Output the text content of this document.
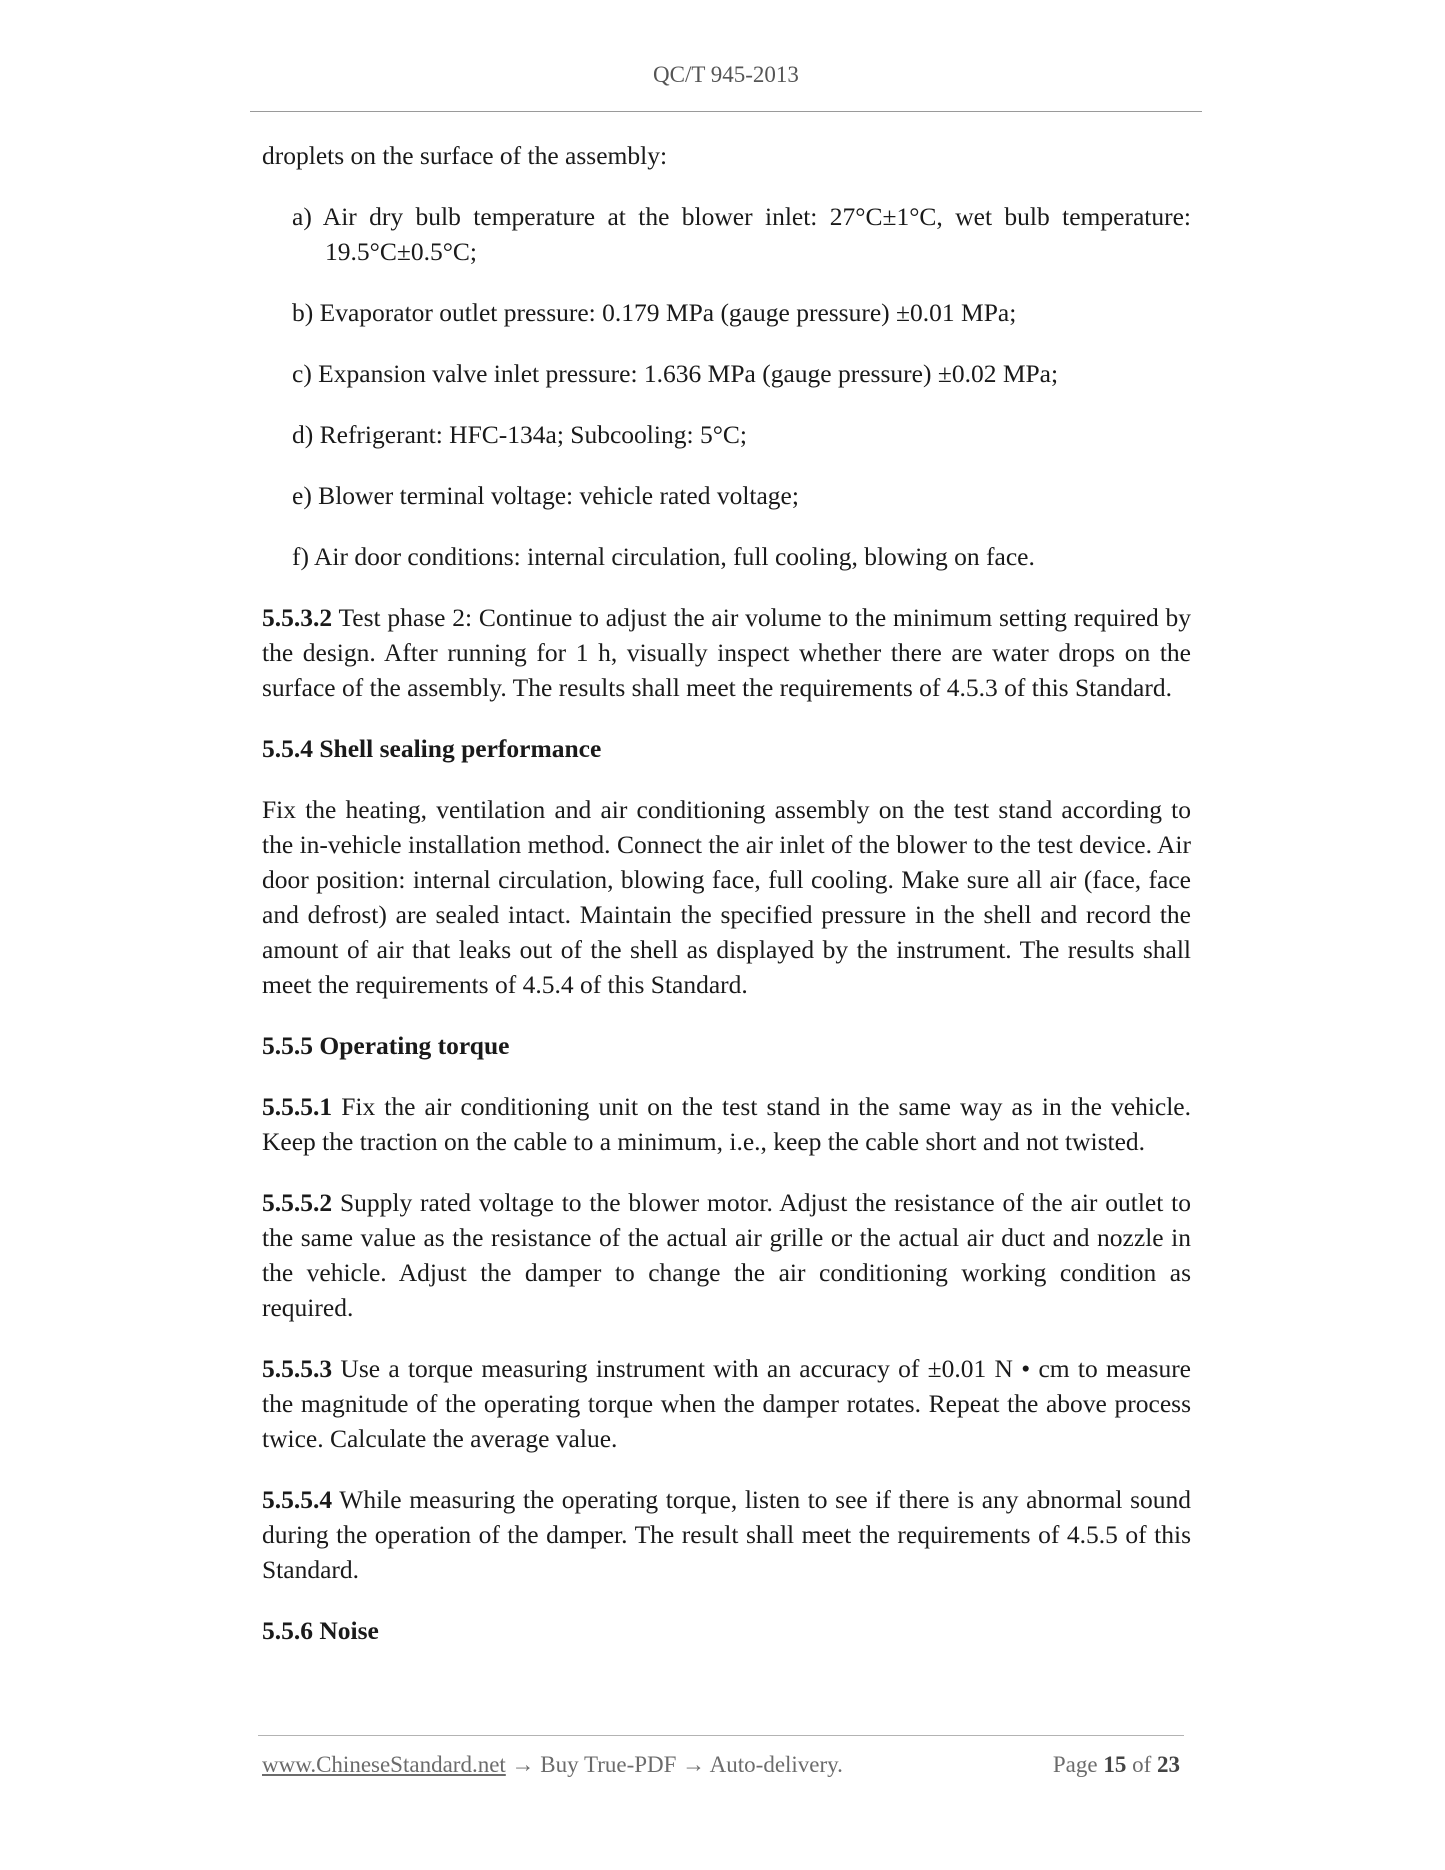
QC/T 945-2013

droplets on the surface of the assembly:

a) Air dry bulb temperature at the blower inlet: 27°C±1°C, wet bulb temperature: 19.5°C±0.5°C;

b) Evaporator outlet pressure: 0.179 MPa (gauge pressure) ±0.01 MPa;

c) Expansion valve inlet pressure: 1.636 MPa (gauge pressure) ±0.02 MPa;

d) Refrigerant: HFC-134a; Subcooling: 5°C;

e) Blower terminal voltage: vehicle rated voltage;

f) Air door conditions: internal circulation, full cooling, blowing on face.

5.5.3.2 Test phase 2: Continue to adjust the air volume to the minimum setting required by the design. After running for 1 h, visually inspect whether there are water drops on the surface of the assembly. The results shall meet the requirements of 4.5.3 of this Standard.

5.5.4 Shell sealing performance

Fix the heating, ventilation and air conditioning assembly on the test stand according to the in-vehicle installation method. Connect the air inlet of the blower to the test device. Air door position: internal circulation, blowing face, full cooling. Make sure all air (face, face and defrost) are sealed intact. Maintain the specified pressure in the shell and record the amount of air that leaks out of the shell as displayed by the instrument. The results shall meet the requirements of 4.5.4 of this Standard.

5.5.5 Operating torque

5.5.5.1 Fix the air conditioning unit on the test stand in the same way as in the vehicle. Keep the traction on the cable to a minimum, i.e., keep the cable short and not twisted.

5.5.5.2 Supply rated voltage to the blower motor. Adjust the resistance of the air outlet to the same value as the resistance of the actual air grille or the actual air duct and nozzle in the vehicle. Adjust the damper to change the air conditioning working condition as required.

5.5.5.3 Use a torque measuring instrument with an accuracy of ±0.01 N • cm to measure the magnitude of the operating torque when the damper rotates. Repeat the above process twice. Calculate the average value.

5.5.5.4 While measuring the operating torque, listen to see if there is any abnormal sound during the operation of the damper. The result shall meet the requirements of 4.5.5 of this Standard.

5.5.6 Noise
www.ChineseStandard.net → Buy True-PDF → Auto-delivery.	Page 15 of 23
